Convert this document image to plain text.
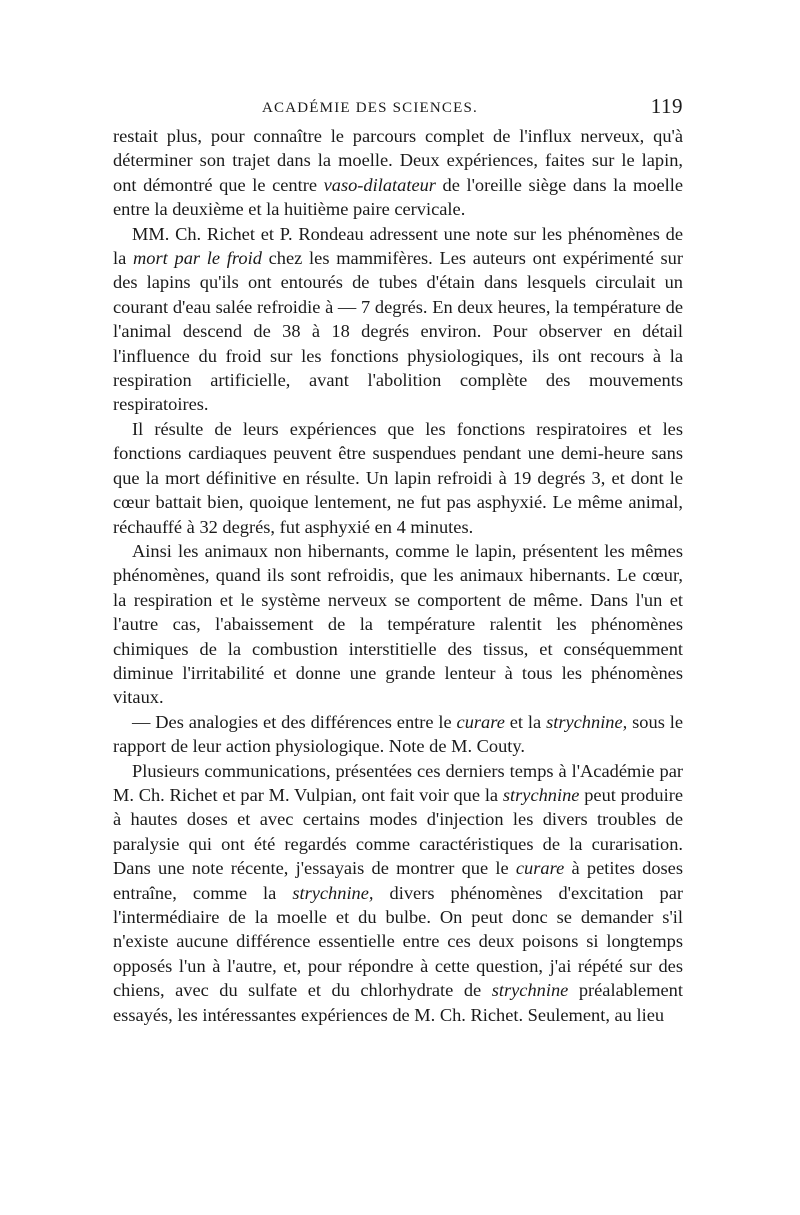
ACADÉMIE DES SCIENCES.	119

restait plus, pour connaître le parcours complet de l'influx nerveux, qu'à déterminer son trajet dans la moelle. Deux expériences, faites sur le lapin, ont démontré que le centre vaso-dilatateur de l'oreille siège dans la moelle entre la deuxième et la huitième paire cervicale.

MM. Ch. Richet et P. Rondeau adressent une note sur les phénomènes de la mort par le froid chez les mammifères. Les auteurs ont expérimenté sur des lapins qu'ils ont entourés de tubes d'étain dans lesquels circulait un courant d'eau salée refroidie à — 7 degrés. En deux heures, la température de l'animal descend de 38 à 18 degrés environ. Pour observer en détail l'influence du froid sur les fonctions physiologiques, ils ont recours à la respiration artificielle, avant l'abolition complète des mouvements respiratoires.

Il résulte de leurs expériences que les fonctions respiratoires et les fonctions cardiaques peuvent être suspendues pendant une demi-heure sans que la mort définitive en résulte. Un lapin refroidi à 19 degrés 3, et dont le cœur battait bien, quoique lentement, ne fut pas asphyxié. Le même animal, réchauffé à 32 degrés, fut asphyxié en 4 minutes.

Ainsi les animaux non hibernants, comme le lapin, présentent les mêmes phénomènes, quand ils sont refroidis, que les animaux hibernants. Le cœur, la respiration et le système nerveux se comportent de même. Dans l'un et l'autre cas, l'abaissement de la température ralentit les phénomènes chimiques de la combustion interstitielle des tissus, et conséquemment diminue l'irritabilité et donne une grande lenteur à tous les phénomènes vitaux.

— Des analogies et des différences entre le curare et la strychnine, sous le rapport de leur action physiologique. Note de M. Couty.

Plusieurs communications, présentées ces derniers temps à l'Académie par M. Ch. Richet et par M. Vulpian, ont fait voir que la strychnine peut produire à hautes doses et avec certains modes d'injection les divers troubles de paralysie qui ont été regardés comme caractéristiques de la curarisation. Dans une note récente, j'essayais de montrer que le curare à petites doses entraîne, comme la strychnine, divers phénomènes d'excitation par l'intermédiaire de la moelle et du bulbe. On peut donc se demander s'il n'existe aucune différence essentielle entre ces deux poisons si longtemps opposés l'un à l'autre, et, pour répondre à cette question, j'ai répété sur des chiens, avec du sulfate et du chlorhydrate de strychnine préalablement essayés, les intéressantes expériences de M. Ch. Richet. Seulement, au lieu
